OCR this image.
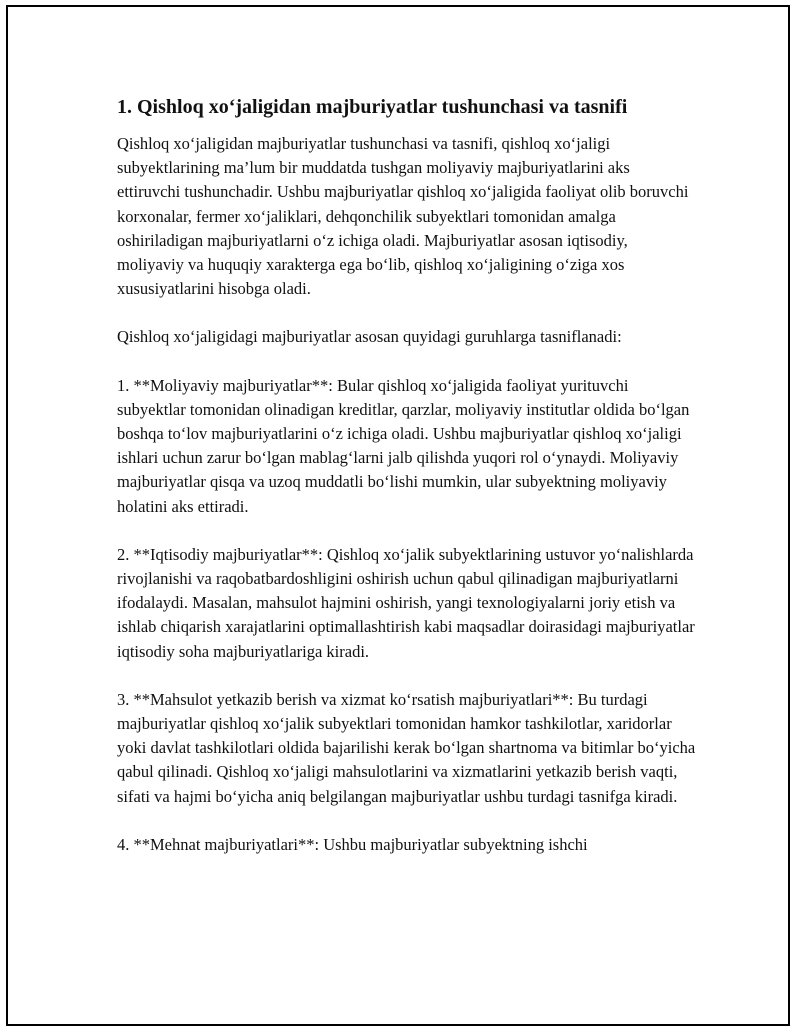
1. Qishloq xo‘jaligidan majburiyatlar tushunchasi va tasnifi

Qishloq xo‘jaligidan majburiyatlar tushunchasi va tasnifi, qishloq xo‘jaligi subyektlarining ma’lum bir muddatda tushgan moliyaviy majburiyatlarini aks ettiruvchi tushunchadir. Ushbu majburiyatlar qishloq xo‘jaligida faoliyat olib boruvchi korxonalar, fermer xo‘jaliklari, dehqonchilik subyektlari tomonidan amalga oshiriladigan majburiyatlarni o‘z ichiga oladi. Majburiyatlar asosan iqtisodiy, moliyaviy va huquqiy xarakterga ega bo‘lib, qishloq xo‘jaligining o‘ziga xos xususiyatlarini hisobga oladi.

Qishloq xo‘jaligidagi majburiyatlar asosan quyidagi guruhlarga tasniflanadi:

1. **Moliyaviy majburiyatlar**: Bular qishloq xo‘jaligida faoliyat yurituvchi subyektlar tomonidan olinadigan kreditlar, qarzlar, moliyaviy institutlar oldida bo‘lgan boshqa to‘lov majburiyatlarini o‘z ichiga oladi. Ushbu majburiyatlar qishloq xo‘jaligi ishlari uchun zarur bo‘lgan mablag‘larni jalb qilishda yuqori rol o‘ynaydi. Moliyaviy majburiyatlar qisqa va uzoq muddatli bo‘lishi mumkin, ular subyektning moliyaviy holatini aks ettiradi.

2. **Iqtisodiy majburiyatlar**: Qishloq xo‘jalik subyektlarining ustuvor yo‘nalishlarda rivojlanishi va raqobatbardoshligini oshirish uchun qabul qilinadigan majburiyatlarni ifodalaydi. Masalan, mahsulot hajmini oshirish, yangi texnologiyalarni joriy etish va ishlab chiqarish xarajatlarini optimallashtirish kabi maqsadlar doirasidagi majburiyatlar iqtisodiy soha majburiyatlariga kiradi.

3. **Mahsulot yetkazib berish va xizmat ko‘rsatish majburiyatlari**: Bu turdagi majburiyatlar qishloq xo‘jalik subyektlari tomonidan hamkor tashkilotlar, xaridorlar yoki davlat tashkilotlari oldida bajarilishi kerak bo‘lgan shartnoma va bitimlar bo‘yicha qabul qilinadi. Qishloq xo‘jaligi mahsulotlarini va xizmatlarini yetkazib berish vaqti, sifati va hajmi bo‘yicha aniq belgilangan majburiyatlar ushbu turdagi tasnifga kiradi.

4. **Mehnat majburiyatlari**: Ushbu majburiyatlar subyektning ishchi
